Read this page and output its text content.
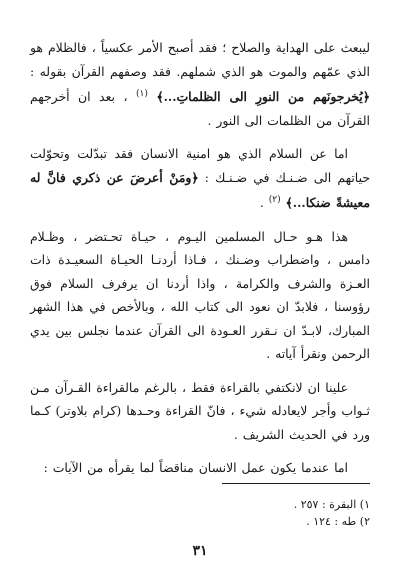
ليبعث على الهداية والصلاح ؛ فقد أصبح الأمر عكسياً ، فالظلام هو الذي عمّهم والموت هو الذي شملهم. فقد وصفهم القرآن بقوله : ﴿يُخرجونَهم من النورِ الى الظلماتِ...﴾ $^{(١)}$ ، بعد ان أخرجهم القرآن من الظلمات الى النور .

اما عن السلام الذي هو امنية الانسان فقد تبدّلت وتحوّلت حياتهم الى ضـنـك في ضـنـك : ﴿ومَنْ أعرضَ عن ذكري فانَّ له معيشةً ضنكا...﴾ $^{(٢)}$ .

هذا هـو حـال المسلمين اليـوم ، حيـاة تحـتضر ، وظـلام دامس ، واضطراب وضـنك ، فـاذا أردنـا الحيـاة السعيـدة ذات العـزة والشرف والكرامة ، واذا أردنا ان يرفرف السلام فوق رؤوسنا ، فلابدّ ان نعود الى كتاب الله ، وبالأخص في هذا الشهر المبارك، لابـدّ ان نـقرر العـودة الى القرآن عندما نجلس بين يدي الرحمن ونقرأ آياته .

علينا ان لانكتفي بالقراءة فقط ، بالرغم مالقراءة القـرآن مـن ثـواب وأجر لايعادله شيء ، فانّ القراءة وحـدها (كرام بلاوتر) كـما ورد في الحديث الشريف .

اما عندما يكون عمل الانسان مناقضاً لما يقرأه من الآيات :

١) البقرة : ٢٥٧ .
٢) طه : ١٢٤ .
٣١
